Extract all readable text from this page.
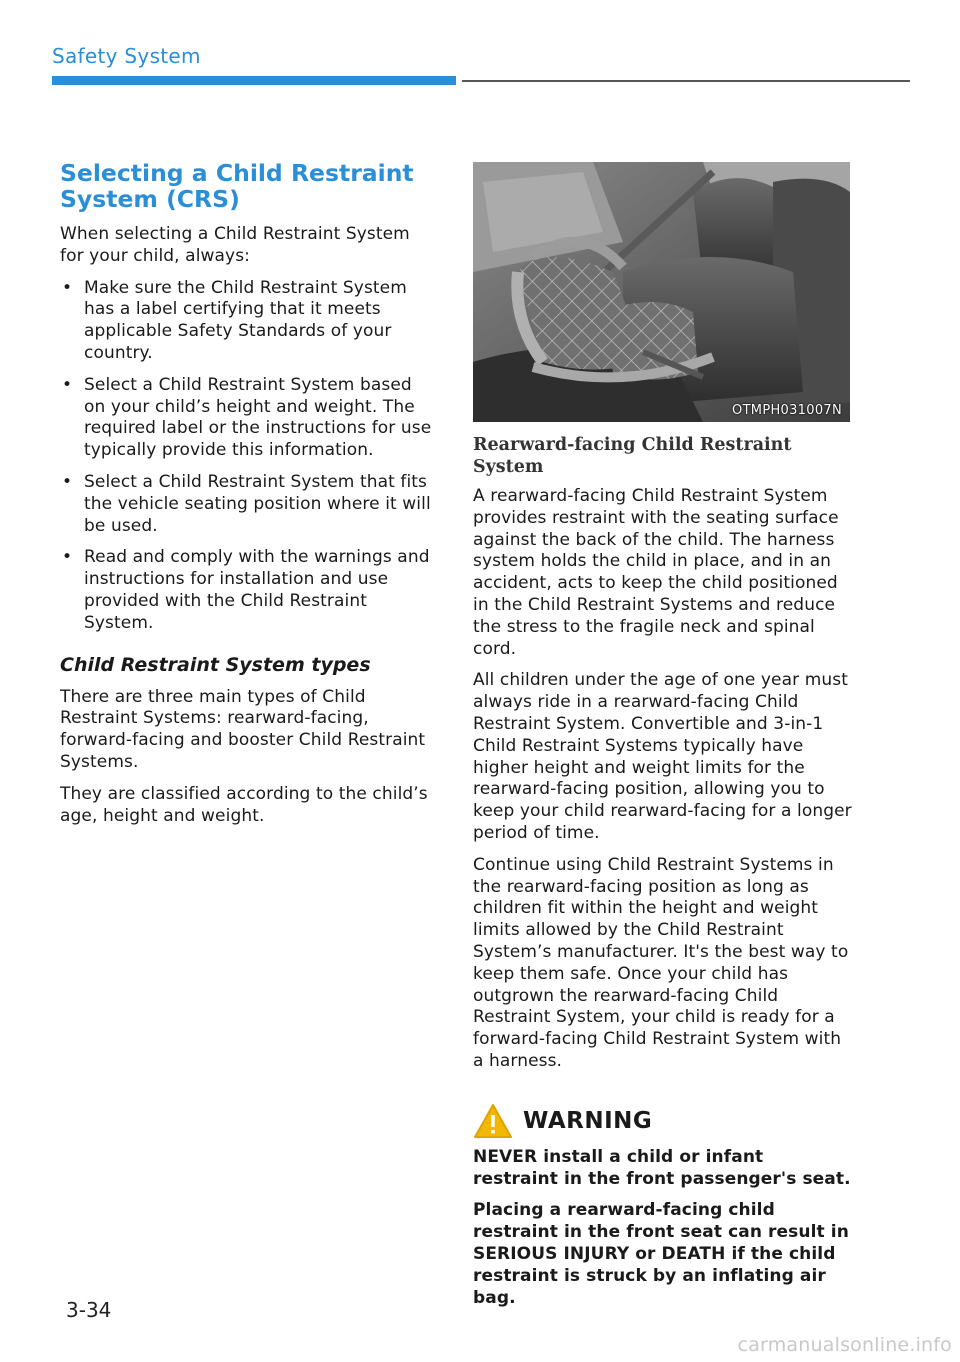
Safety System
Selecting a Child Restraint System (CRS)

When selecting a Child Restraint System for your child, always:

• Make sure the Child Restraint System has a label certifying that it meets applicable Safety Standards of your country.
• Select a Child Restraint System based on your child’s height and weight. The required label or the instructions for use typically provide this information.
• Select a Child Restraint System that fits the vehicle seating position where it will be used.
• Read and comply with the warnings and instructions for installation and use provided with the Child Restraint System.
Child Restraint System types

There are three main types of Child Restraint Systems: rearward-facing, forward-facing and booster Child Restraint Systems.

They are classified according to the child’s age, height and weight.

OTMPH031007N
Rearward-facing Child Restraint System

A rearward-facing Child Restraint System provides restraint with the seating surface against the back of the child. The harness system holds the child in place, and in an accident, acts to keep the child positioned in the Child Restraint Systems and reduce the stress to the fragile neck and spinal cord.

All children under the age of one year must always ride in a rearward-facing Child Restraint System. Convertible and 3-in-1 Child Restraint Systems typically have higher height and weight limits for the rearward-facing position, allowing you to keep your child rearward-facing for a longer period of time.

Continue using Child Restraint Systems in the rearward-facing position as long as children fit within the height and weight limits allowed by the Child Restraint System’s manufacturer. It's the best way to keep them safe. Once your child has outgrown the rearward-facing Child Restraint System, your child is ready for a forward-facing Child Restraint System with a harness.

WARNING

NEVER install a child or infant restraint in the front passenger's seat.

Placing a rearward-facing child restraint in the front seat can result in SERIOUS INJURY or DEATH if the child restraint is struck by an inflating air bag.

3-34
carmanualsonline.info
